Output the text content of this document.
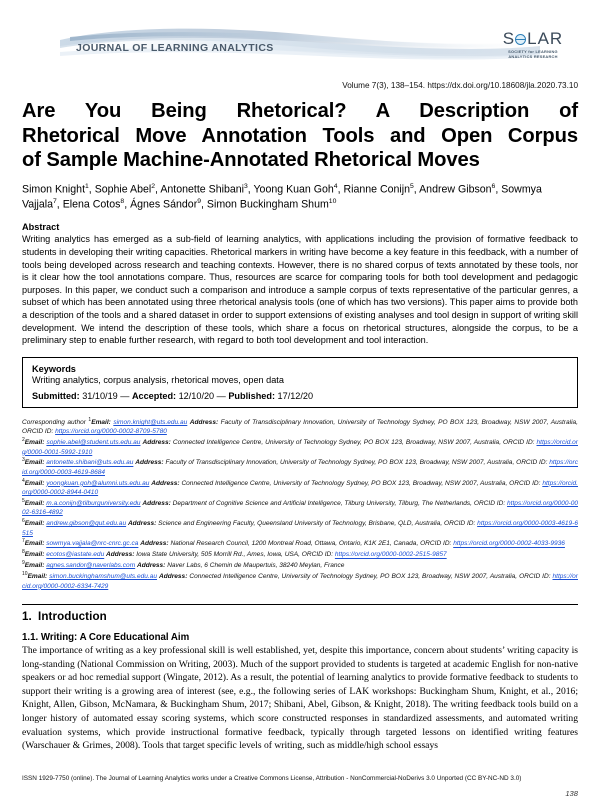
JOURNAL OF LEARNING ANALYTICS	S LAR
SOCIETY for LEARNING
ANALYTICS RESEARCH
Volume 7(3), 138–154. https://dx.doi.org/10.18608/jla.2020.73.10
Are You Being Rhetorical? A Description of
Rhetorical Move Annotation Tools and Open Corpus
of Sample Machine-Annotated Rhetorical Moves
Simon Knight$^1$, Sophie Abel$^2$, Antonette Shibani$^3$, Yoong Kuan Goh$^4$, Rianne Conijn$^5$, Andrew Gibson$^6$, Sowmya Vajjala$^7$, Elena Cotos$^8$, Ágnes Sándor$^9$, Simon Buckingham Shum$^{10}$
Abstract
Writing analytics has emerged as a sub-field of learning analytics, with applications including the provision of formative feedback to students in developing their writing capacities. Rhetorical markers in writing have become a key feature in this feedback, with a number of tools being developed across research and teaching contexts. However, there is no shared corpus of texts annotated by these tools, nor is it clear how the tool annotations compare. Thus, resources are scarce for comparing tools for both tool development and pedagogic purposes. In this paper, we conduct such a comparison and introduce a sample corpus of texts representative of the particular genres, a subset of which has been annotated using three rhetorical analysis tools (one of which has two versions). This paper aims to provide both a description of the tools and a shared dataset in order to support extensions of existing analyses and tool design in support of writing skill development. We intend the description of these tools, which share a focus on rhetorical structures, alongside the corpus, to be a preliminary step to enable further research, with regard to both tool development and tool interaction.
Keywords
Writing analytics, corpus analysis, rhetorical moves, open data
Submitted: 31/10/19 — Accepted: 12/10/20 — Published: 17/12/20

Corresponding author $^1$Email: simon.knight@uts.edu.au Address: Faculty of Transdisciplinary Innovation, University of Technology Sydney, PO BOX 123, Broadway, NSW 2007, Australia, ORCID ID: https://orcid.org/0000-0002-8709-5780

$^2$Email: sophie.abel@student.uts.edu.au Address: Connected Intelligence Centre, University of Technology Sydney, PO BOX 123, Broadway, NSW 2007, Australia, ORCID ID: https://orcid.org/0000-0001-5992-1910

$^3$Email: antonette.shibani@uts.edu.au Address: Faculty of Transdisciplinary Innovation, University of Technology Sydney, PO BOX 123, Broadway, NSW 2007, Australia, ORCID ID: https://orcid.org/0000-0003-4619-8684

$^4$Email: yoongkuan.goh@alumni.uts.edu.au Address: Connected Intelligence Centre, University of Technology Sydney, PO BOX 123, Broadway, NSW 2007, Australia, ORCID ID: https://orcid.org/0000-0002-8944-0410

$^5$Email: m.a.conijn@tilburguniversity.edu Address: Department of Cognitive Science and Artificial Intelligence, Tilburg University, Tilburg, The Netherlands, ORCID ID: https://orcid.org/0000-0002-6316-4892

$^6$Email: andrew.gibson@qut.edu.au Address: Science and Engineering Faculty, Queensland University of Technology, Brisbane, QLD, Australia, ORCID ID: https://orcid.org/0000-0003-4619-6515

$^7$Email: sowmya.vajjala@nrc-cnrc.gc.ca Address: National Research Council, 1200 Montreal Road, Ottawa, Ontario, K1K 2E1, Canada, ORCID ID: https://orcid.org/0000-0002-4033-9936

$^8$Email: ecotos@iastate.edu Address: Iowa State University, 505 Morrill Rd., Ames, Iowa, USA, ORCID ID: https://orcid.org/0000-0002-2515-9857

$^9$Email: agnes.sandor@naverlabs.com Address: Naver Labs, 6 Chemin de Maupertuis, 38240 Meylan, France

$^{10}$Email: simon.buckinghamshum@uts.edu.au Address: Connected Intelligence Centre, University of Technology Sydney, PO BOX 123, Broadway, NSW 2007, Australia, ORCID ID: https://orcid.org/0000-0002-6334-7429

1. Introduction
1.1. Writing: A Core Educational Aim
The importance of writing as a key professional skill is well established, yet, despite this importance, concern about students’ writing capacity is long-standing (National Commission on Writing, 2003). Much of the support provided to students is targeted at academic English for non-native speakers or ad hoc remedial support (Wingate, 2012). As a result, the potential of learning analytics to provide formative feedback to students to support their writing is a growing area of interest (see, e.g., the following series of LAK workshops: Buckingham Shum, Knight, et al., 2016; Knight, Allen, Gibson, McNamara, & Buckingham Shum, 2017; Shibani, Abel, Gibson, & Knight, 2018). The writing feedback tools build on a longer history of automated essay scoring systems, which score constructed responses in standardized assessments, and automated writing evaluation systems, which provide instructional formative feedback, typically through targeted lessons on identified writing features (Warschauer & Grimes, 2008). Tools that target specific levels of writing, such as middle/high school essays
ISSN 1929-7750 (online). The Journal of Learning Analytics works under a Creative Commons License, Attribution - NonCommercial-NoDerivs 3.0 Unported (CC BY-NC-ND 3.0)
138
